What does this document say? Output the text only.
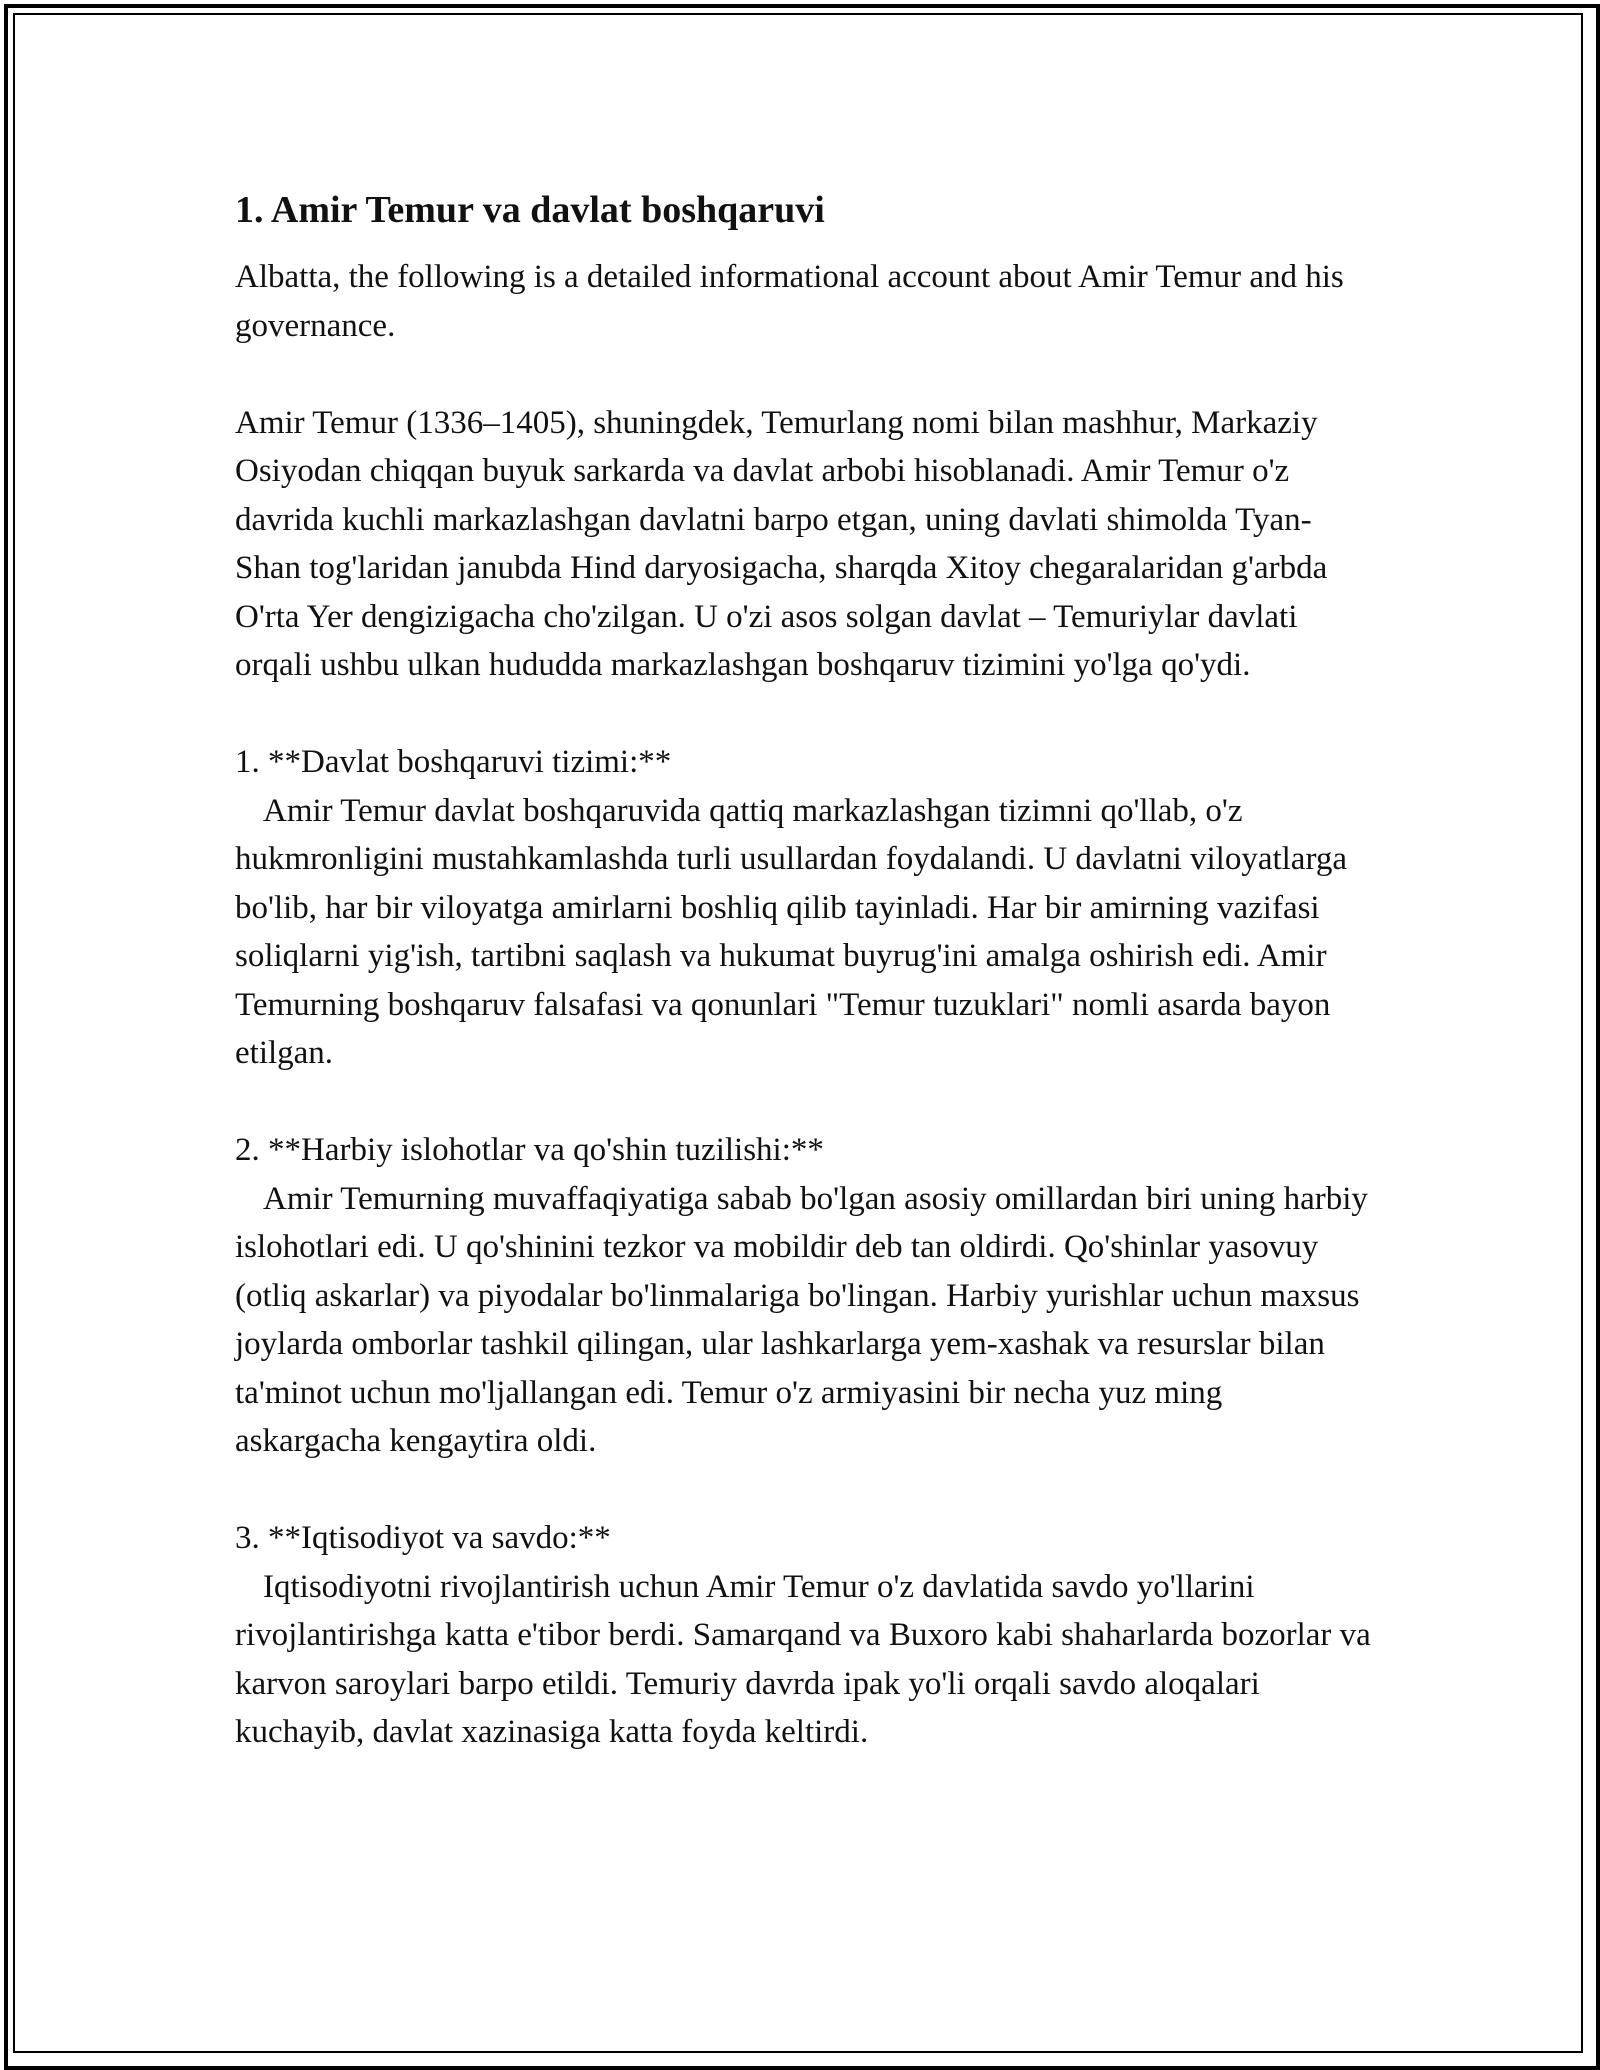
1. Amir Temur va davlat boshqaruvi

Albatta, the following is a detailed informational account about Amir Temur and his governance.

Amir Temur (1336–1405), shuningdek, Temurlang nomi bilan mashhur, Markaziy Osiyodan chiqqan buyuk sarkarda va davlat arbobi hisoblanadi. Amir Temur o'z davrida kuchli markazlashgan davlatni barpo etgan, uning davlati shimolda Tyan-Shan tog'laridan janubda Hind daryosigacha, sharqda Xitoy chegaralaridan g'arbda O'rta Yer dengizigacha cho'zilgan. U o'zi asos solgan davlat – Temuriylar davlati orqali ushbu ulkan hududda markazlashgan boshqaruv tizimini yo'lga qo'ydi.

1. **Davlat boshqaruvi tizimi:**

Amir Temur davlat boshqaruvida qattiq markazlashgan tizimni qo'llab, o'z hukmronligini mustahkamlashda turli usullardan foydalandi. U davlatni viloyatlarga bo'lib, har bir viloyatga amirlarni boshliq qilib tayinladi. Har bir amirning vazifasi soliqlarni yig'ish, tartibni saqlash va hukumat buyrug'ini amalga oshirish edi. Amir Temurning boshqaruv falsafasi va qonunlari "Temur tuzuklari" nomli asarda bayon etilgan.

2. **Harbiy islohotlar va qo'shin tuzilishi:**

Amir Temurning muvaffaqiyatiga sabab bo'lgan asosiy omillardan biri uning harbiy islohotlari edi. U qo'shinini tezkor va mobildir deb tan oldirdi. Qo'shinlar yasovuy (otliq askarlar) va piyodalar bo'linmalariga bo'lingan. Harbiy yurishlar uchun maxsus joylarda omborlar tashkil qilingan, ular lashkarlarga yem-xashak va resurslar bilan ta'minot uchun mo'ljallangan edi. Temur o'z armiyasini bir necha yuz ming askargacha kengaytira oldi.

3. **Iqtisodiyot va savdo:**

Iqtisodiyotni rivojlantirish uchun Amir Temur o'z davlatida savdo yo'llarini rivojlantirishga katta e'tibor berdi. Samarqand va Buxoro kabi shaharlarda bozorlar va karvon saroylari barpo etildi. Temuriy davrda ipak yo'li orqali savdo aloqalari kuchayib, davlat xazinasiga katta foyda keltirdi.
